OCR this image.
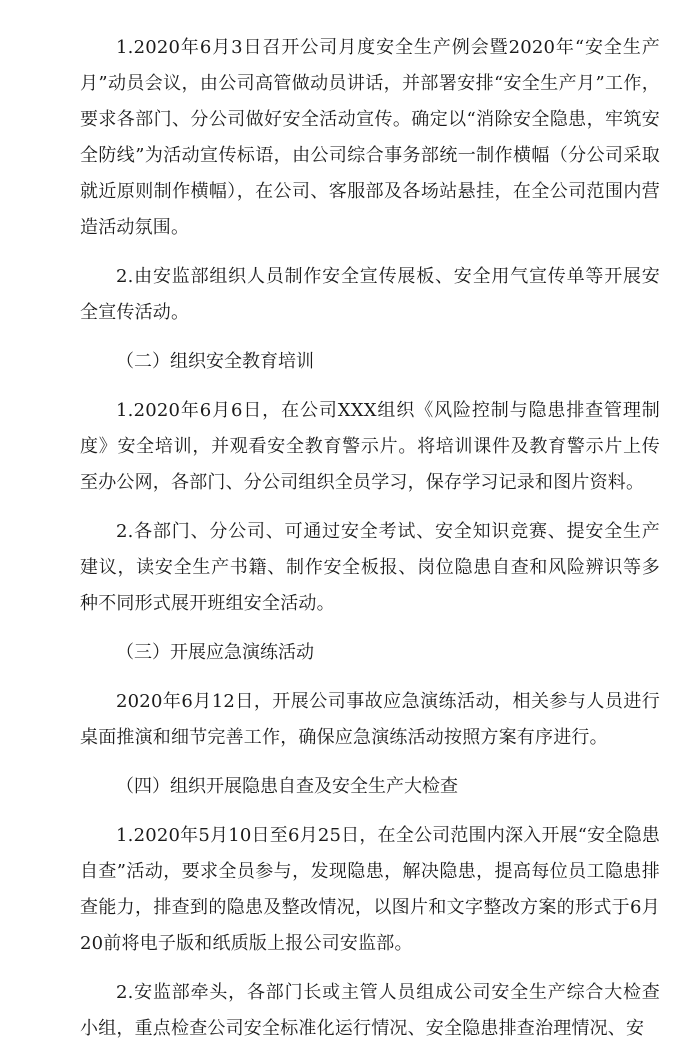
1.2020年6月3日召开公司月度安全生产例会暨2020年“安全生产月”动员会议，由公司高管做动员讲话，并部署安排“安全生产月”工作，要求各部门、分公司做好安全活动宣传。确定以“消除安全隐患，牢筑安全防线”为活动宣传标语，由公司综合事务部统一制作横幅（分公司采取就近原则制作横幅），在公司、客服部及各场站悬挂，在全公司范围内营造活动氛围。

2.由安监部组织人员制作安全宣传展板、安全用气宣传单等开展安全宣传活动。

（二）组织安全教育培训

1.2020年6月6日，在公司XXX组织《风险控制与隐患排查管理制度》安全培训，并观看安全教育警示片。将培训课件及教育警示片上传至办公网，各部门、分公司组织全员学习，保存学习记录和图片资料。

2.各部门、分公司、可通过安全考试、安全知识竞赛、提安全生产建议，读安全生产书籍、制作安全板报、岗位隐患自查和风险辨识等多种不同形式展开班组安全活动。

（三）开展应急演练活动

2020年6月12日，开展公司事故应急演练活动，相关参与人员进行桌面推演和细节完善工作，确保应急演练活动按照方案有序进行。

（四）组织开展隐患自查及安全生产大检查

1.2020年5月10日至6月25日，在全公司范围内深入开展“安全隐患自查”活动，要求全员参与，发现隐患，解决隐患，提高每位员工隐患排查能力，排查到的隐患及整改情况，以图片和文字整改方案的形式于6月20前将电子版和纸质版上报公司安监部。

2.安监部牵头，各部门长或主管人员组成公司安全生产综合大检查小组，重点检查公司安全标准化运行情况、安全隐患排查治理情况、安
